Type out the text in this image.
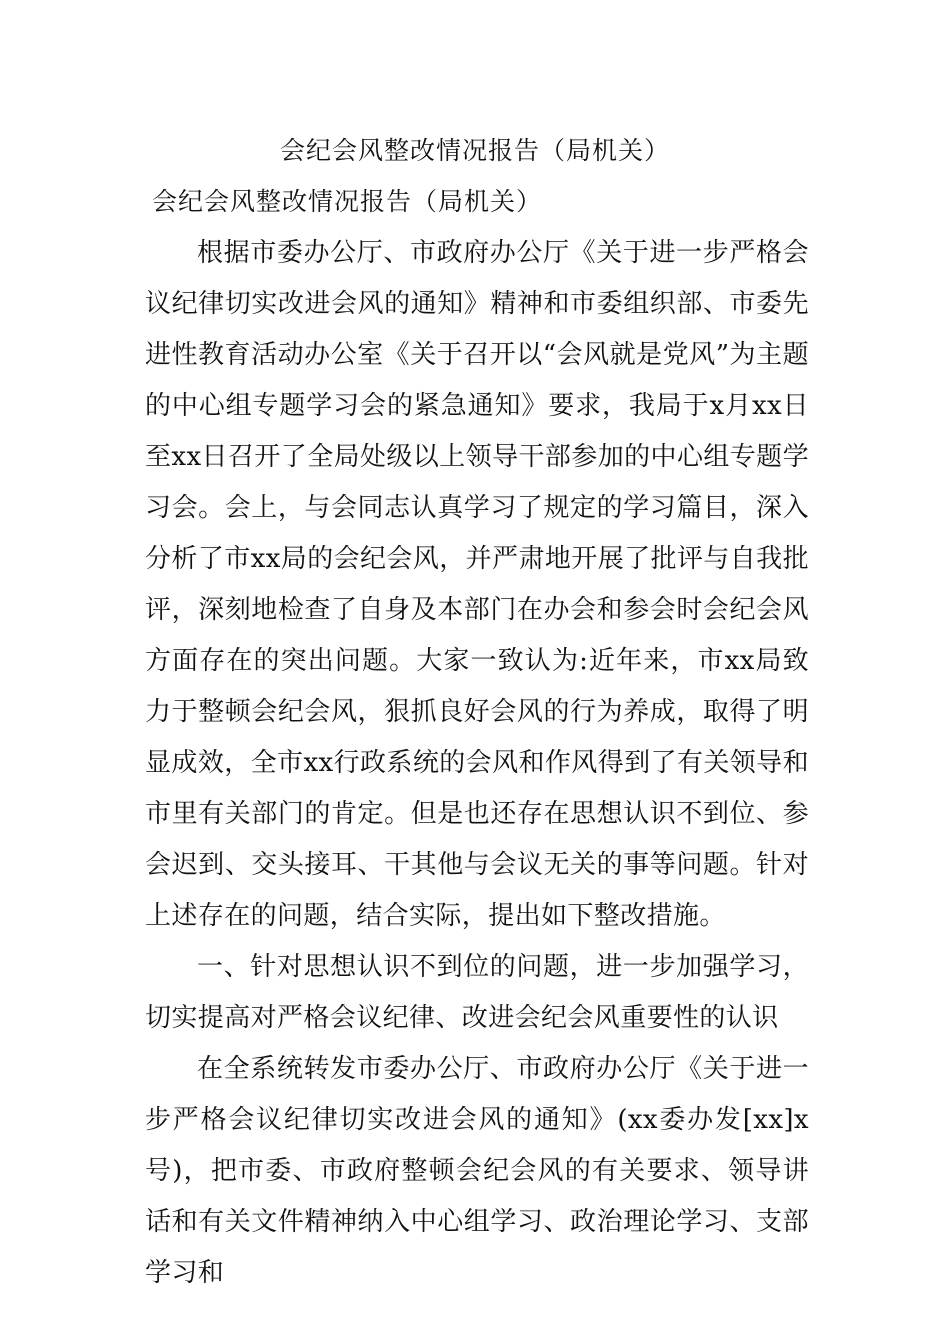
会纪会风整改情况报告（局机关）
会纪会风整改情况报告（局机关）

根据市委办公厅、市政府办公厅《关于进一步严格会议纪律切实改进会风的通知》精神和市委组织部、市委先进性教育活动办公室《关于召开以“会风就是党风”为主题的中心组专题学习会的紧急通知》要求，我局于x月xx日至xx日召开了全局处级以上领导干部参加的中心组专题学习会。会上，与会同志认真学习了规定的学习篇目，深入分析了市xx局的会纪会风，并严肃地开展了批评与自我批评，深刻地检查了自身及本部门在办会和参会时会纪会风方面存在的突出问题。大家一致认为:近年来，市xx局致力于整顿会纪会风，狠抓良好会风的行为养成，取得了明显成效，全市xx行政系统的会风和作风得到了有关领导和市里有关部门的肯定。但是也还存在思想认识不到位、参会迟到、交头接耳、干其他与会议无关的事等问题。针对上述存在的问题，结合实际，提出如下整改措施。

一、针对思想认识不到位的问题，进一步加强学习，切实提高对严格会议纪律、改进会纪会风重要性的认识

在全系统转发市委办公厅、市政府办公厅《关于进一步严格会议纪律切实改进会风的通知》(xx委办发[xx]x号)，把市委、市政府整顿会纪会风的有关要求、领导讲话和有关文件精神纳入中心组学习、政治理论学习、支部学习和
